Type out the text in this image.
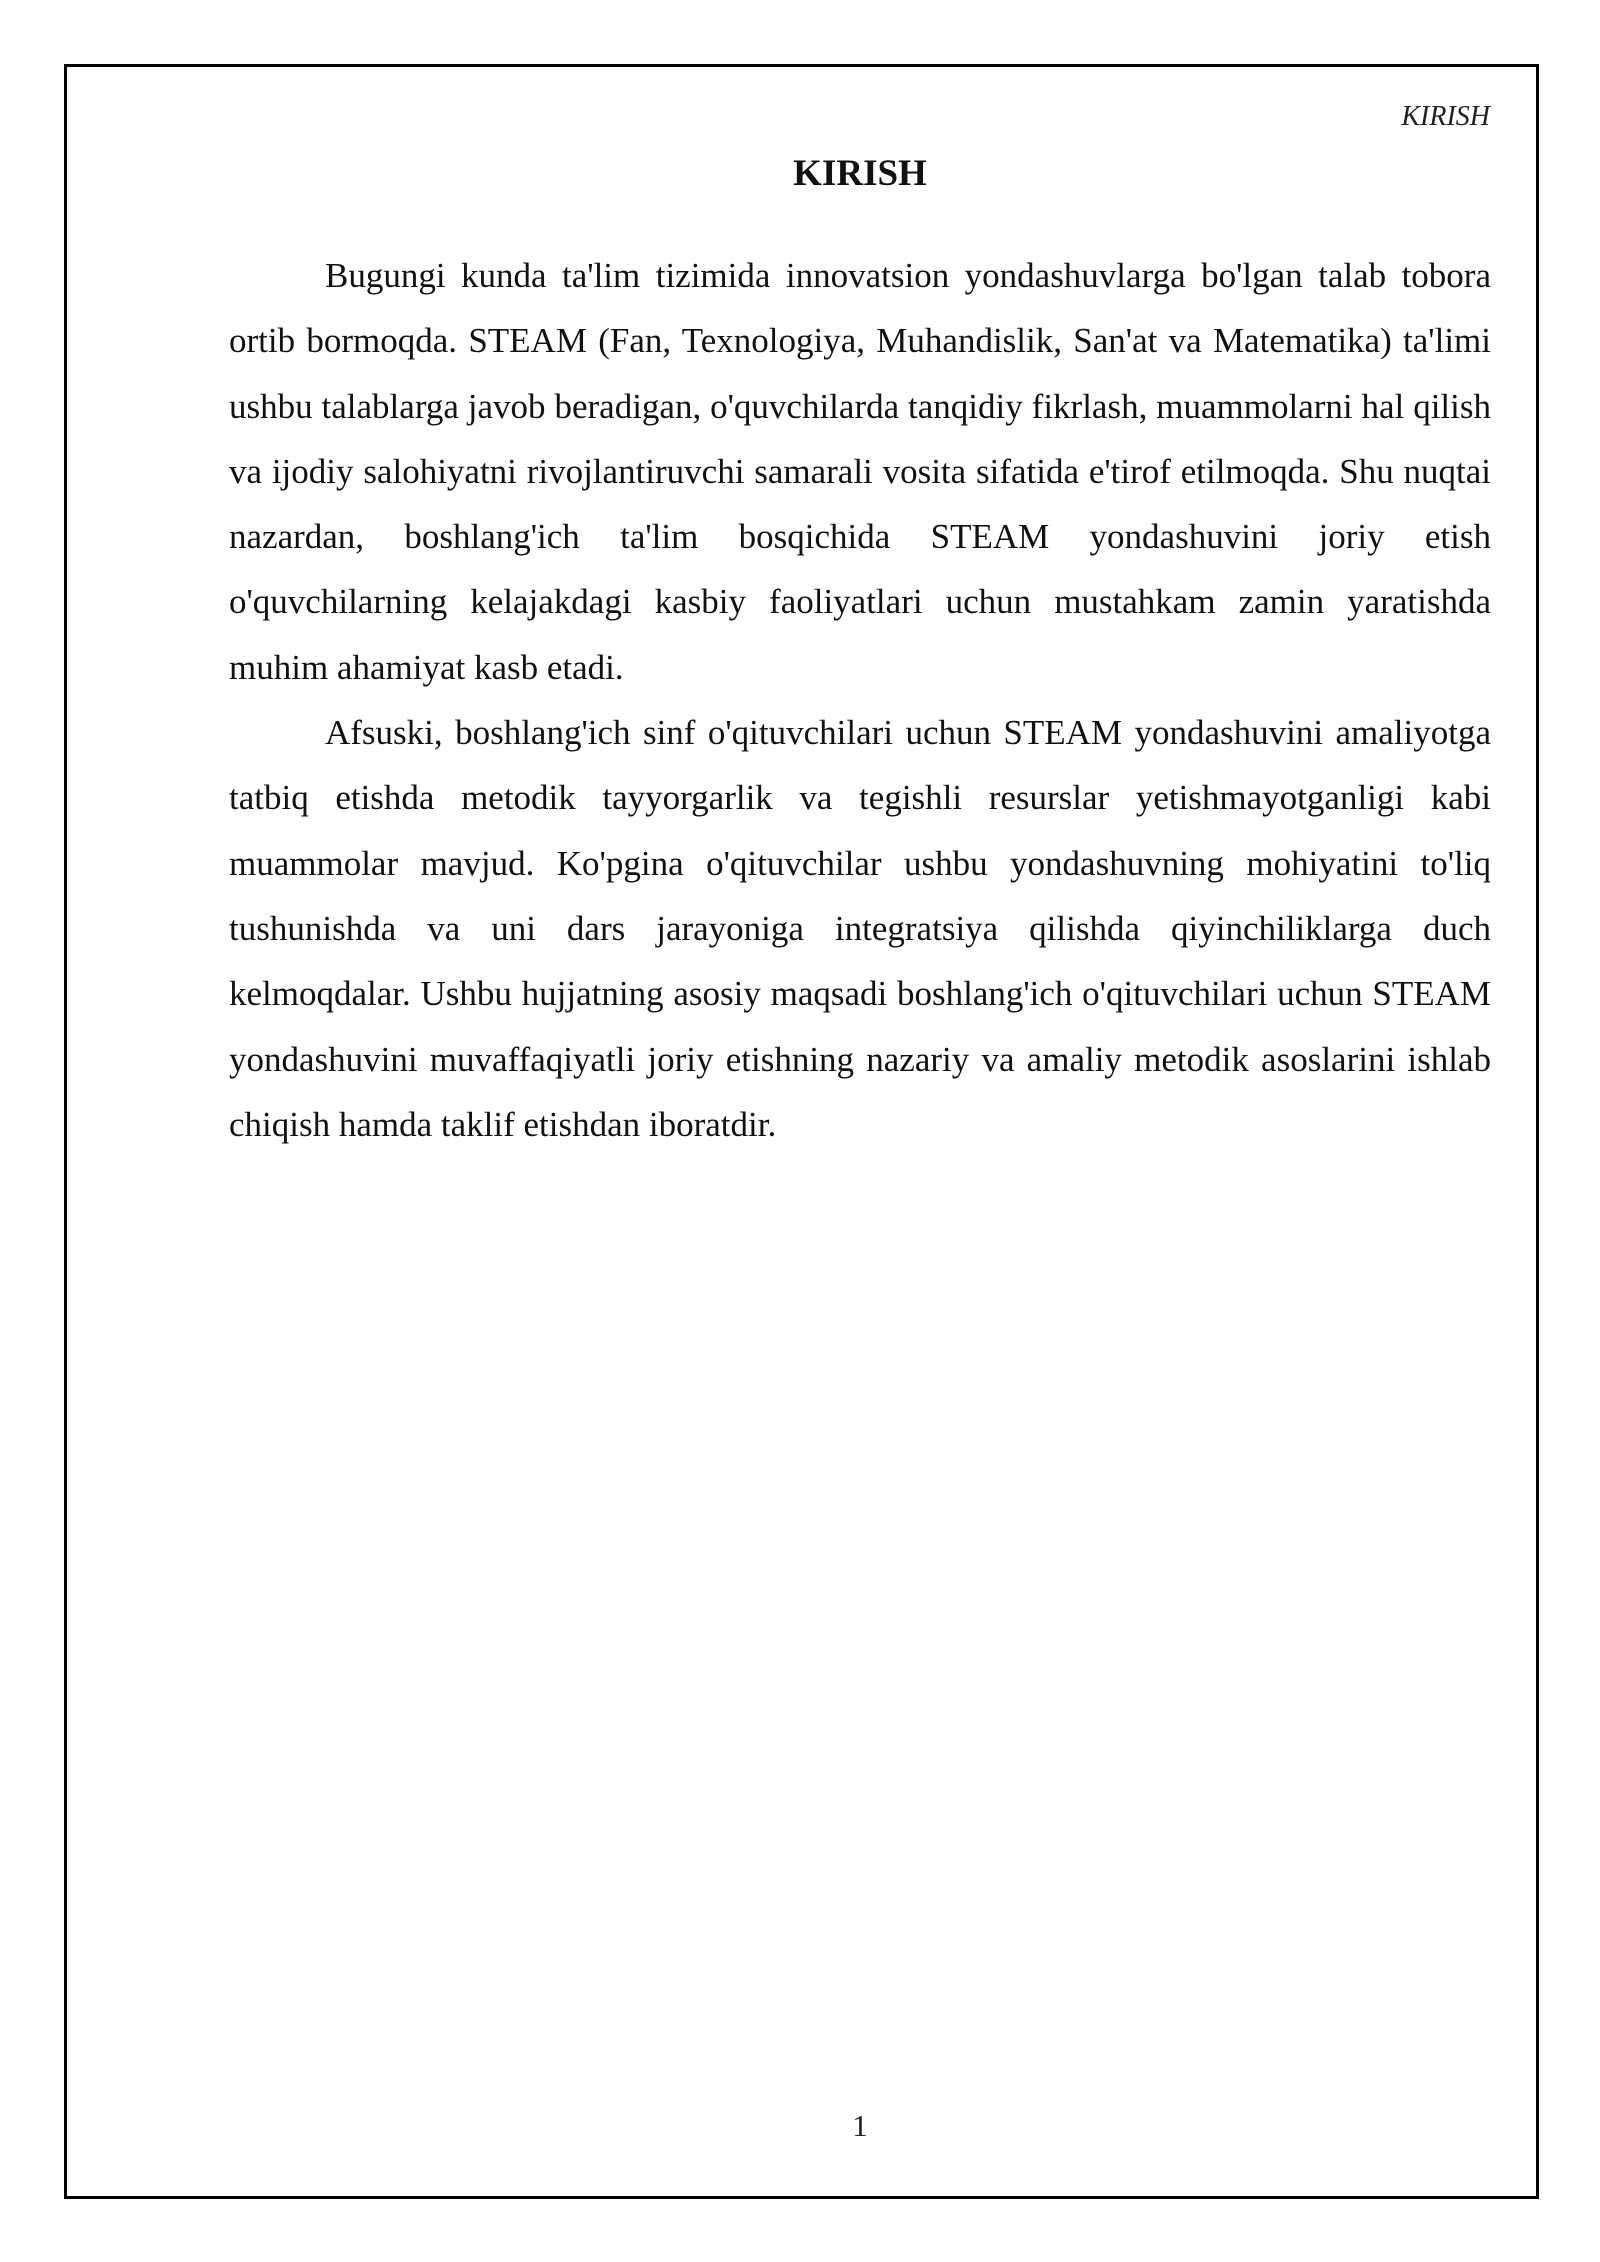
KIRISH
KIRISH

Bugungi kunda ta'lim tizimida innovatsion yondashuvlarga bo'lgan talab tobora ortib bormoqda. STEAM (Fan, Texnologiya, Muhandislik, San'at va Matematika) ta'limi ushbu talablarga javob beradigan, o'quvchilarda tanqidiy fikrlash, muammolarni hal qilish va ijodiy salohiyatni rivojlantiruvchi samarali vosita sifatida e'tirof etilmoqda. Shu nuqtai nazardan, boshlang'ich ta'lim bosqichida STEAM yondashuvini joriy etish o'quvchilarning kelajakdagi kasbiy faoliyatlari uchun mustahkam zamin yaratishda muhim ahamiyat kasb etadi.

Afsuski, boshlang'ich sinf o'qituvchilari uchun STEAM yondashuvini amaliyotga tatbiq etishda metodik tayyorgarlik va tegishli resurslar yetishmayotganligi kabi muammolar mavjud. Ko'pgina o'qituvchilar ushbu yondashuvning mohiyatini to'liq tushunishda va uni dars jarayoniga integratsiya qilishda qiyinchiliklarga duch kelmoqdalar. Ushbu hujjatning asosiy maqsadi boshlang'ich o'qituvchilari uchun STEAM yondashuvini muvaffaqiyatli joriy etishning nazariy va amaliy metodik asoslarini ishlab chiqish hamda taklif etishdan iboratdir.

1
